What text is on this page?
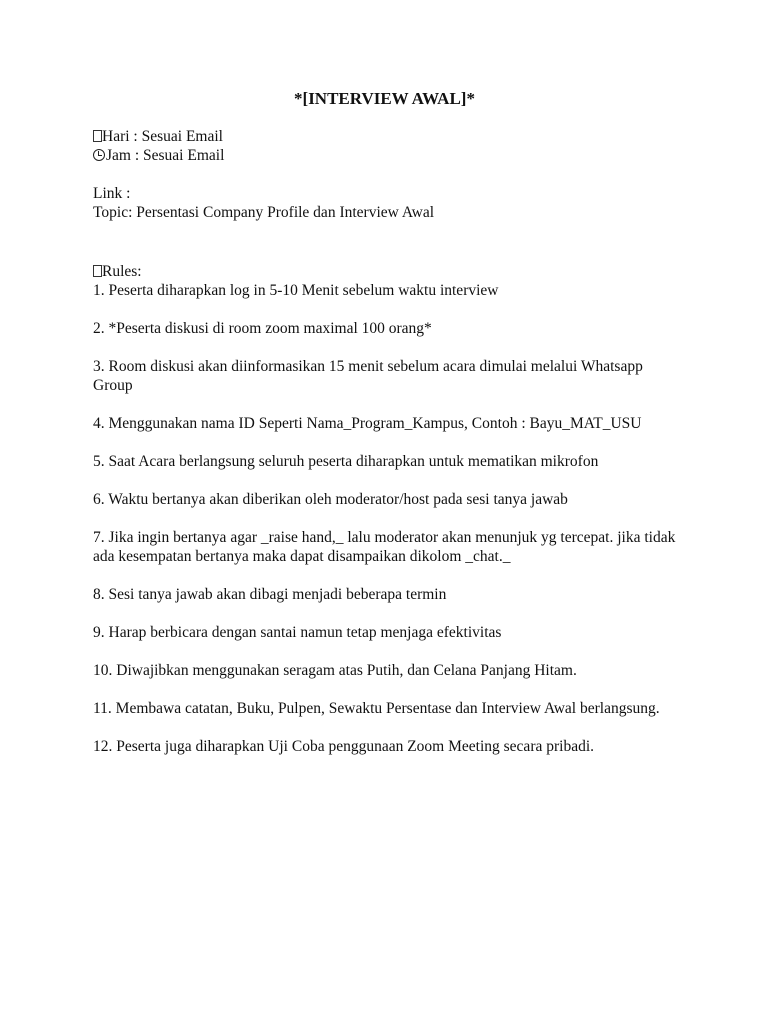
*[INTERVIEW AWAL]*

Hari : Sesuai Email

Jam : Sesuai Email

Link :

Topic: Persentasi Company Profile dan Interview Awal

Rules:

1. Peserta diharapkan log in 5-10 Menit sebelum waktu interview

2. *Peserta diskusi di room zoom maximal 100 orang*

3. Room diskusi akan diinformasikan 15 menit sebelum acara dimulai melalui Whatsapp Group

4. Menggunakan nama ID Seperti Nama_Program_Kampus, Contoh : Bayu_MAT_USU

5. Saat Acara berlangsung seluruh peserta diharapkan untuk mematikan mikrofon

6. Waktu bertanya akan diberikan oleh moderator/host pada sesi tanya jawab

7. Jika ingin bertanya agar _raise hand,_ lalu moderator akan menunjuk yg tercepat. jika tidak ada kesempatan bertanya maka dapat disampaikan dikolom _chat._

8. Sesi tanya jawab akan dibagi menjadi beberapa termin

9. Harap berbicara dengan santai namun tetap menjaga efektivitas

10. Diwajibkan menggunakan seragam atas Putih, dan Celana Panjang Hitam.

11. Membawa catatan, Buku, Pulpen, Sewaktu Persentase dan Interview Awal berlangsung.

12. Peserta juga diharapkan Uji Coba penggunaan Zoom Meeting secara pribadi.
